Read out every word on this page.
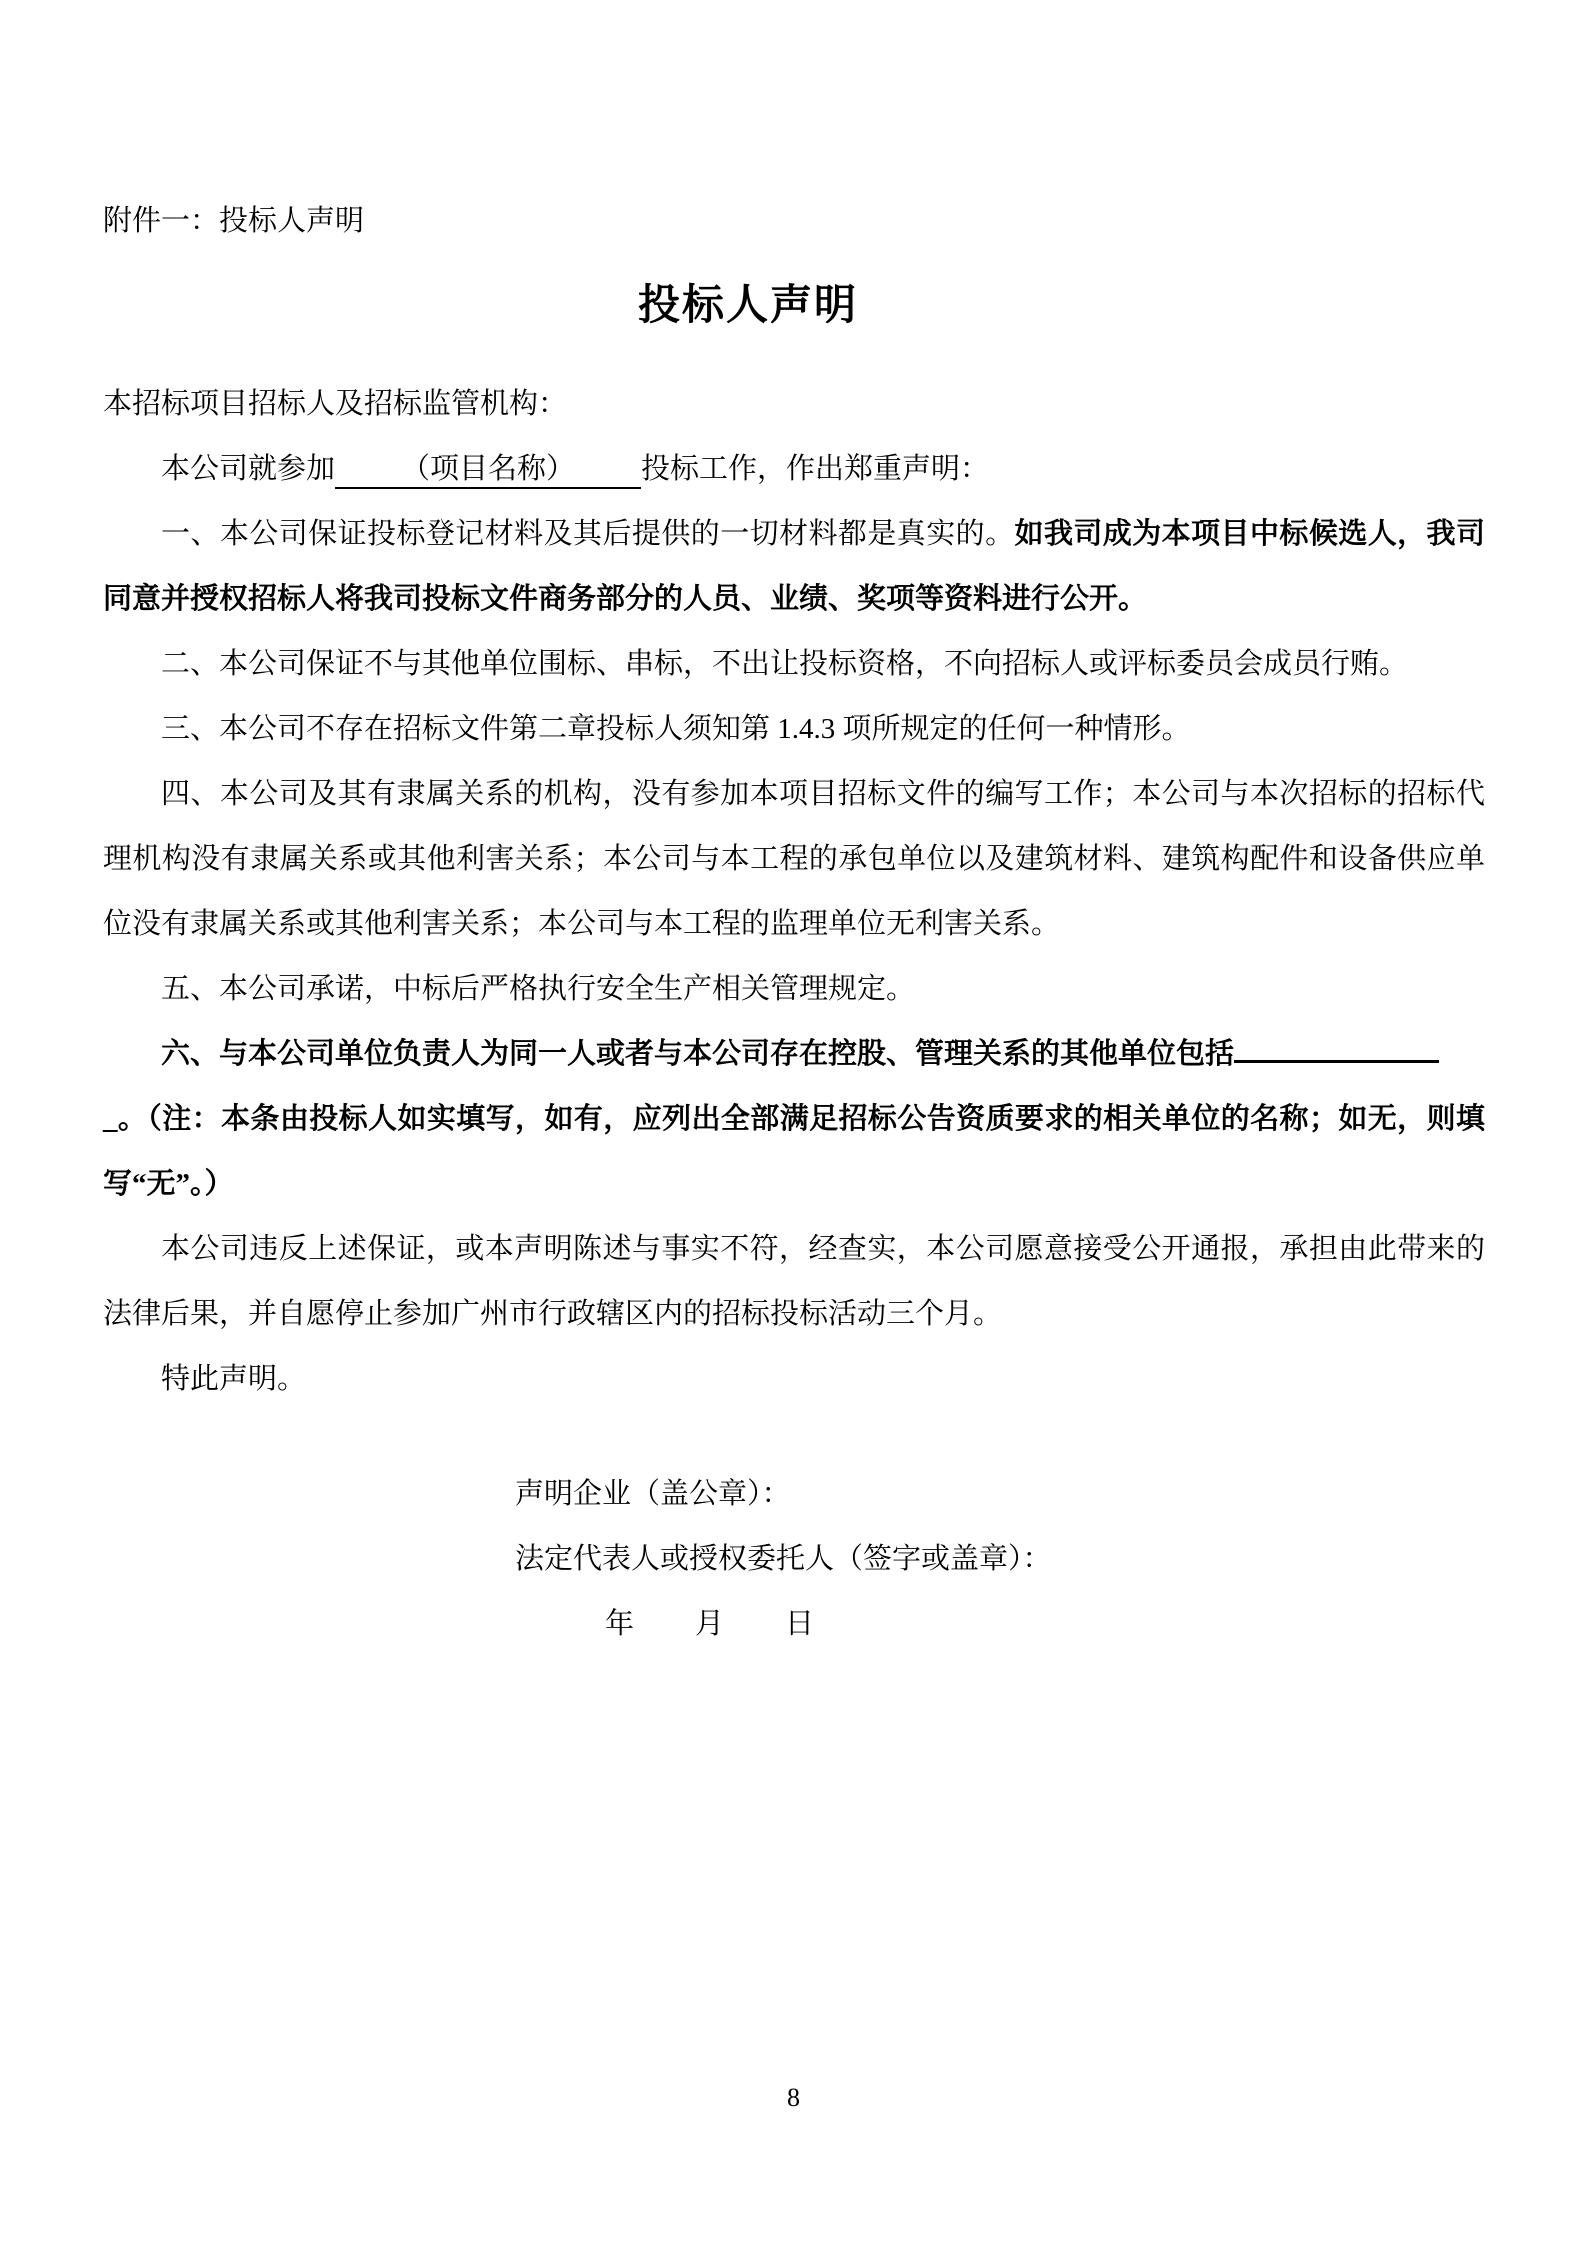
附件一：投标人声明

投标人声明

本招标项目招标人及招标监管机构：

本公司就参加 （项目名称） 投标工作，作出郑重声明：

一、本公司保证投标登记材料及其后提供的一切材料都是真实的。如我司成为本项目中标候选人，我司同意并授权招标人将我司投标文件商务部分的人员、业绩、奖项等资料进行公开。

二、本公司保证不与其他单位围标、串标，不出让投标资格，不向招标人或评标委员会成员行贿。

三、本公司不存在招标文件第二章投标人须知第 1.4.3 项所规定的任何一种情形。

四、本公司及其有隶属关系的机构，没有参加本项目招标文件的编写工作；本公司与本次招标的招标代理机构没有隶属关系或其他利害关系；本公司与本工程的承包单位以及建筑材料、建筑构配件和设备供应单位没有隶属关系或其他利害关系；本公司与本工程的监理单位无利害关系。

五、本公司承诺，中标后严格执行安全生产相关管理规定。

六、与本公司单位负责人为同一人或者与本公司存在控股、管理关系的其他单位包括

_。（注：本条由投标人如实填写，如有，应列出全部满足招标公告资质要求的相关单位的名称；如无，则填写“无”。）

本公司违反上述保证，或本声明陈述与事实不符，经查实，本公司愿意接受公开通报，承担由此带来的法律后果，并自愿停止参加广州市行政辖区内的招标投标活动三个月。

特此声明。

声明企业（盖公章）：

法定代表人或授权委托人（签字或盖章）：

年　　月　　日

8
